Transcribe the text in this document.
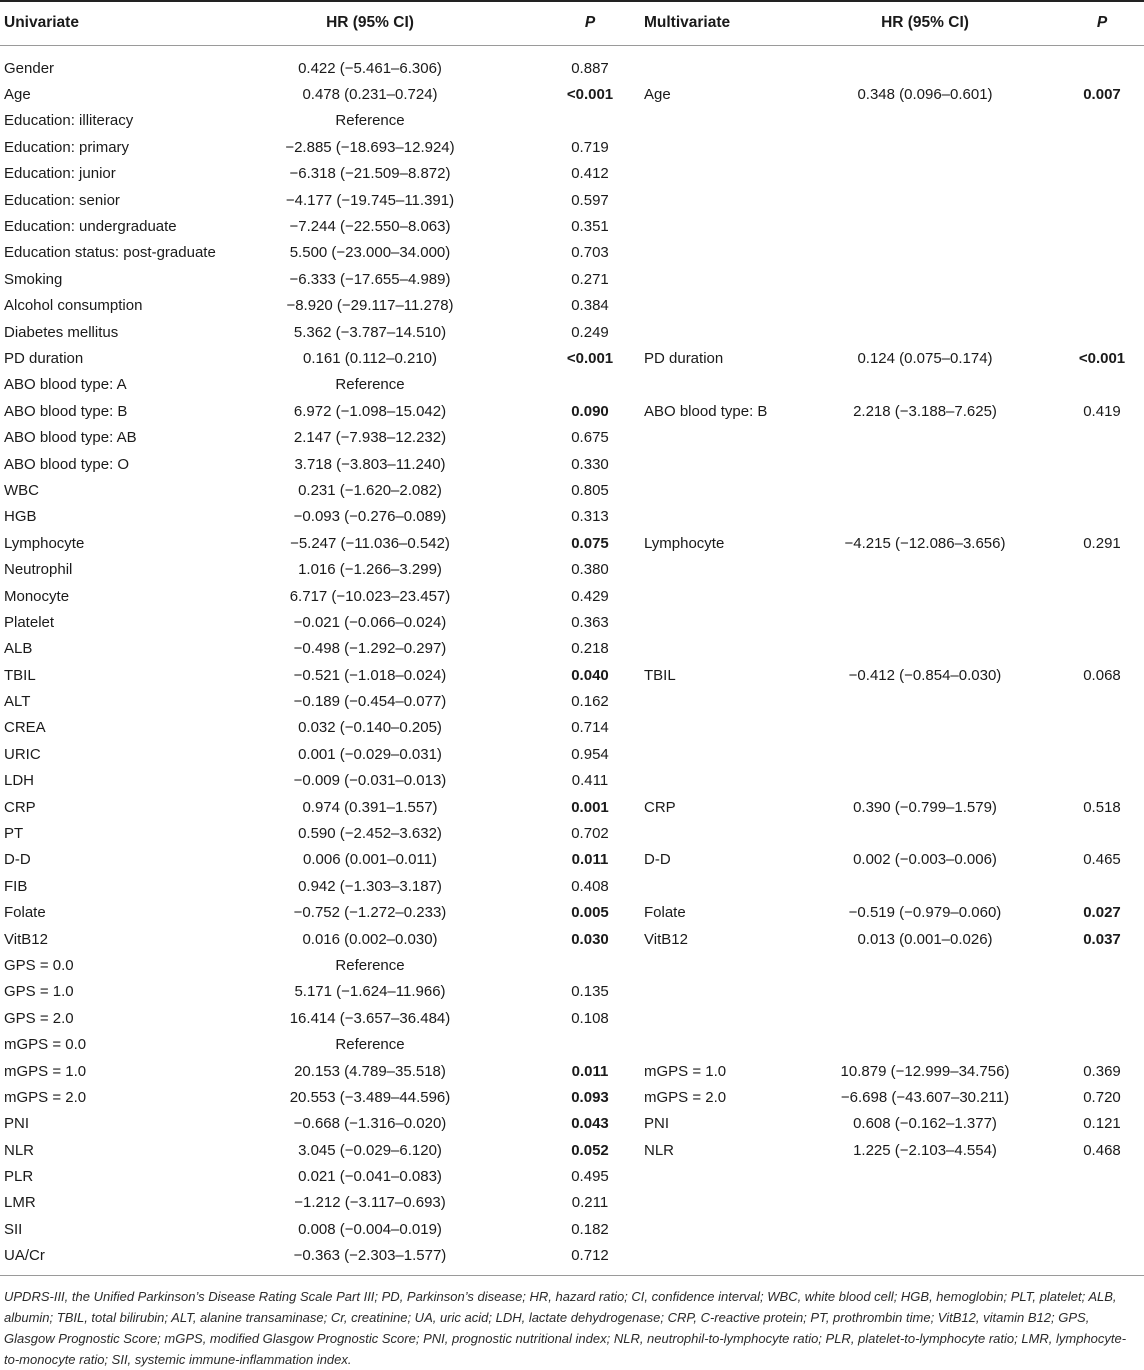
Univariate	HR (95% CI)	P	Multivariate	HR (95% CI)	P

Gender	0.422 (−5.461–6.306)	0.887			
Age	0.478 (0.231–0.724)	<0.001	Age	0.348 (0.096–0.601)	0.007
Education: illiteracy	Reference				
Education: primary	−2.885 (−18.693–12.924)	0.719			
Education: junior	−6.318 (−21.509–8.872)	0.412			
Education: senior	−4.177 (−19.745–11.391)	0.597			
Education: undergraduate	−7.244 (−22.550–8.063)	0.351			
Education status: post-graduate	5.500 (−23.000–34.000)	0.703			
Smoking	−6.333 (−17.655–4.989)	0.271			
Alcohol consumption	−8.920 (−29.117–11.278)	0.384			
Diabetes mellitus	5.362 (−3.787–14.510)	0.249			
PD duration	0.161 (0.112–0.210)	<0.001	PD duration	0.124 (0.075–0.174)	<0.001
ABO blood type: A	Reference				
ABO blood type: B	6.972 (−1.098–15.042)	0.090	ABO blood type: B	2.218 (−3.188–7.625)	0.419
ABO blood type: AB	2.147 (−7.938–12.232)	0.675			
ABO blood type: O	3.718 (−3.803–11.240)	0.330			
WBC	0.231 (−1.620–2.082)	0.805			
HGB	−0.093 (−0.276–0.089)	0.313			
Lymphocyte	−5.247 (−11.036–0.542)	0.075	Lymphocyte	−4.215 (−12.086–3.656)	0.291
Neutrophil	1.016 (−1.266–3.299)	0.380			
Monocyte	6.717 (−10.023–23.457)	0.429			
Platelet	−0.021 (−0.066–0.024)	0.363			
ALB	−0.498 (−1.292–0.297)	0.218			
TBIL	−0.521 (−1.018–0.024)	0.040	TBIL	−0.412 (−0.854–0.030)	0.068
ALT	−0.189 (−0.454–0.077)	0.162			
CREA	0.032 (−0.140–0.205)	0.714			
URIC	0.001 (−0.029–0.031)	0.954			
LDH	−0.009 (−0.031–0.013)	0.411			
CRP	0.974 (0.391–1.557)	0.001	CRP	0.390 (−0.799–1.579)	0.518
PT	0.590 (−2.452–3.632)	0.702			
D-D	0.006 (0.001–0.011)	0.011	D-D	0.002 (−0.003–0.006)	0.465
FIB	0.942 (−1.303–3.187)	0.408			
Folate	−0.752 (−1.272–0.233)	0.005	Folate	−0.519 (−0.979–0.060)	0.027
VitB12	0.016 (0.002–0.030)	0.030	VitB12	0.013 (0.001–0.026)	0.037
GPS = 0.0	Reference				
GPS = 1.0	5.171 (−1.624–11.966)	0.135			
GPS = 2.0	16.414 (−3.657–36.484)	0.108			
mGPS = 0.0	Reference				
mGPS = 1.0	20.153 (4.789–35.518)	0.011	mGPS = 1.0	10.879 (−12.999–34.756)	0.369
mGPS = 2.0	20.553 (−3.489–44.596)	0.093	mGPS = 2.0	−6.698 (−43.607–30.211)	0.720
PNI	−0.668 (−1.316–0.020)	0.043	PNI	0.608 (−0.162–1.377)	0.121
NLR	3.045 (−0.029–6.120)	0.052	NLR	1.225 (−2.103–4.554)	0.468
PLR	0.021 (−0.041–0.083)	0.495			
LMR	−1.212 (−3.117–0.693)	0.211			
SII	0.008 (−0.004–0.019)	0.182			
UA/Cr	−0.363 (−2.303–1.577)	0.712			
UPDRS-III, the Unified Parkinson’s Disease Rating Scale Part III; PD, Parkinson’s disease; HR, hazard ratio; CI, confidence interval; WBC, white blood cell; HGB, hemoglobin; PLT, platelet; ALB, albumin; TBIL, total bilirubin; ALT, alanine transaminase; Cr, creatinine; UA, uric acid; LDH, lactate dehydrogenase; CRP, C-reactive protein; PT, prothrombin time; VitB12, vitamin B12; GPS, Glasgow Prognostic Score; mGPS, modified Glasgow Prognostic Score; PNI, prognostic nutritional index; NLR, neutrophil-to-lymphocyte ratio; PLR, platelet-to-lymphocyte ratio; LMR, lymphocyte-to-monocyte ratio; SII, systemic immune-inflammation index.
